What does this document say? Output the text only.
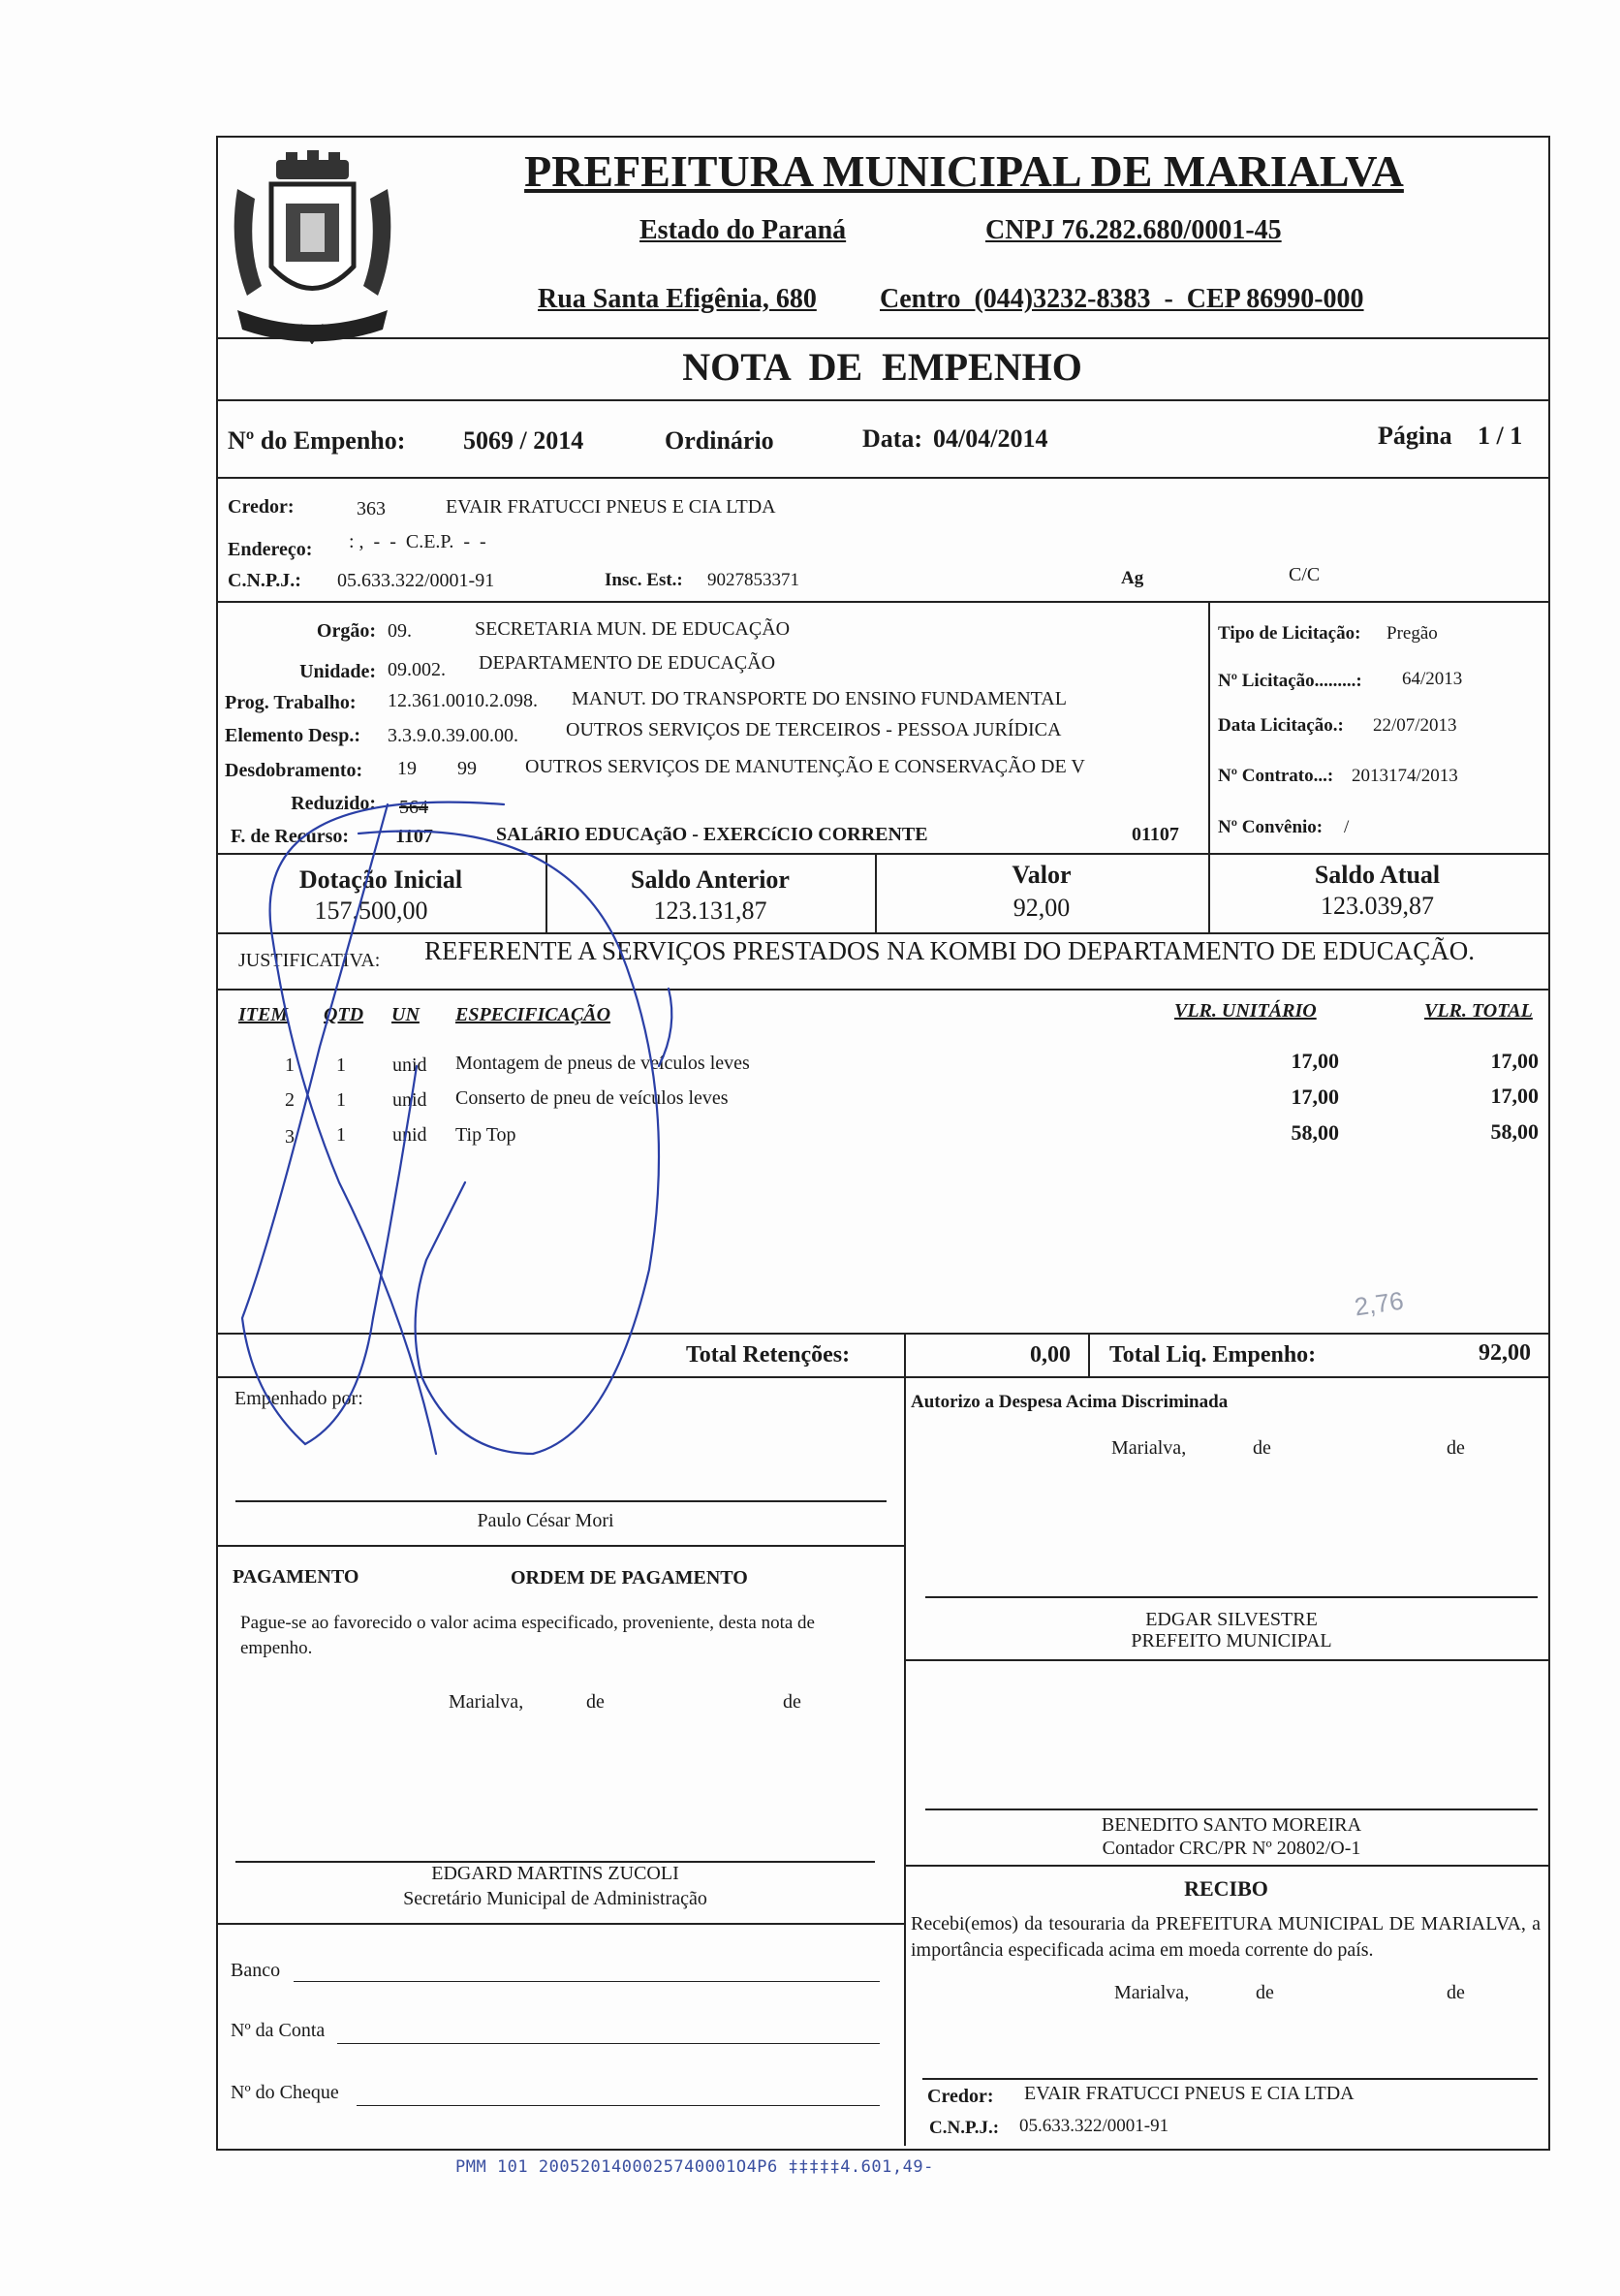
PREFEITURA MUNICIPAL DE MARIALVA
Estado do Paraná	CNPJ 76.282.680/0001-45
Rua Santa Efigênia, 680 Centro  (044)3232-8383  -  CEP 86990-000
NOTA  DE  EMPENHO
Nº do Empenho: 5069 / 2014	Ordinário	Data: 04/04/2014	Página 1 / 1
Credor:	363	EVAIR FRATUCCI PNEUS E CIA LTDA
Endereço: : ,  -  -  C.E.P.  -  -
C.N.P.J.: 05.633.322/0001-91	Insc. Est.: 9027853371	Ag	C/C
Orgão: 09.	SECRETARIA MUN. DE EDUCAÇÃO
Unidade: 09.002. DEPARTAMENTO DE EDUCAÇÃO
Prog. Trabalho: 12.361.0010.2.098. MANUT. DO TRANSPORTE DO ENSINO FUNDAMENTAL
Elemento Desp.: 3.3.9.0.39.00.00. OUTROS SERVIÇOS DE TERCEIROS - PESSOA JURÍDICA
Desdobramento: 19 99	OUTROS SERVIÇOS DE MANUTENÇÃO E CONSERVAÇÃO DE V
Reduzido: 564
F. de Recurso: 1107	SALáRIO EDUCAçãO - EXERCíCIO CORRENTE	01107
Tipo de Licitação: Pregão
Nº Licitação.........: 64/2013
Data Licitação.: 22/07/2013
Nº Contrato...: 2013174/2013
Nº Convênio: /
Dotação Inicial
157.500,00
Saldo Anterior
123.131,87
Valor
92,00
Saldo Atual
123.039,87
JUSTIFICATIVA: REFERENTE A SERVIÇOS PRESTADOS NA KOMBI DO DEPARTAMENTO DE EDUCAÇÃO.
ITEM QTD UN ESPECIFICAÇÃO	VLR. UNITÁRIO	VLR. TOTAL
1 1 unid Montagem de pneus de veículos leves	17,00	17,00
2 1 unid Conserto de pneu de veículos leves	17,00	17,00
3 1 unid Tip Top	58,00	58,00
2,76
Total Retenções:	0,00 Total Liq. Empenho:	92,00
Empenhado por:
Paulo César Mori
Autorizo a Despesa Acima Discriminada
Marialva,	de	de
EDGAR SILVESTRE
PREFEITO MUNICIPAL
PAGAMENTO	ORDEM DE PAGAMENTO
Pague-se ao favorecido o valor acima especificado, proveniente, desta nota de empenho.
Marialva,	de	de
EDGARD MARTINS ZUCOLI
Secretário Municipal de Administração
BENEDITO SANTO MOREIRA
Contador CRC/PR Nº 20802/O-1
RECIBO
Recebi(emos) da tesouraria da PREFEITURA MUNICIPAL DE MARIALVA, a importância especificada acima em moeda corrente do país.
Marialva,	de	de
Credor: EVAIR FRATUCCI PNEUS E CIA LTDA
C.N.P.J.: 05.633.322/0001-91
Banco
Nº da Conta
Nº do Cheque
PMM 101 2005201400025740001O4P6 ‡‡‡‡‡4.601,49-
